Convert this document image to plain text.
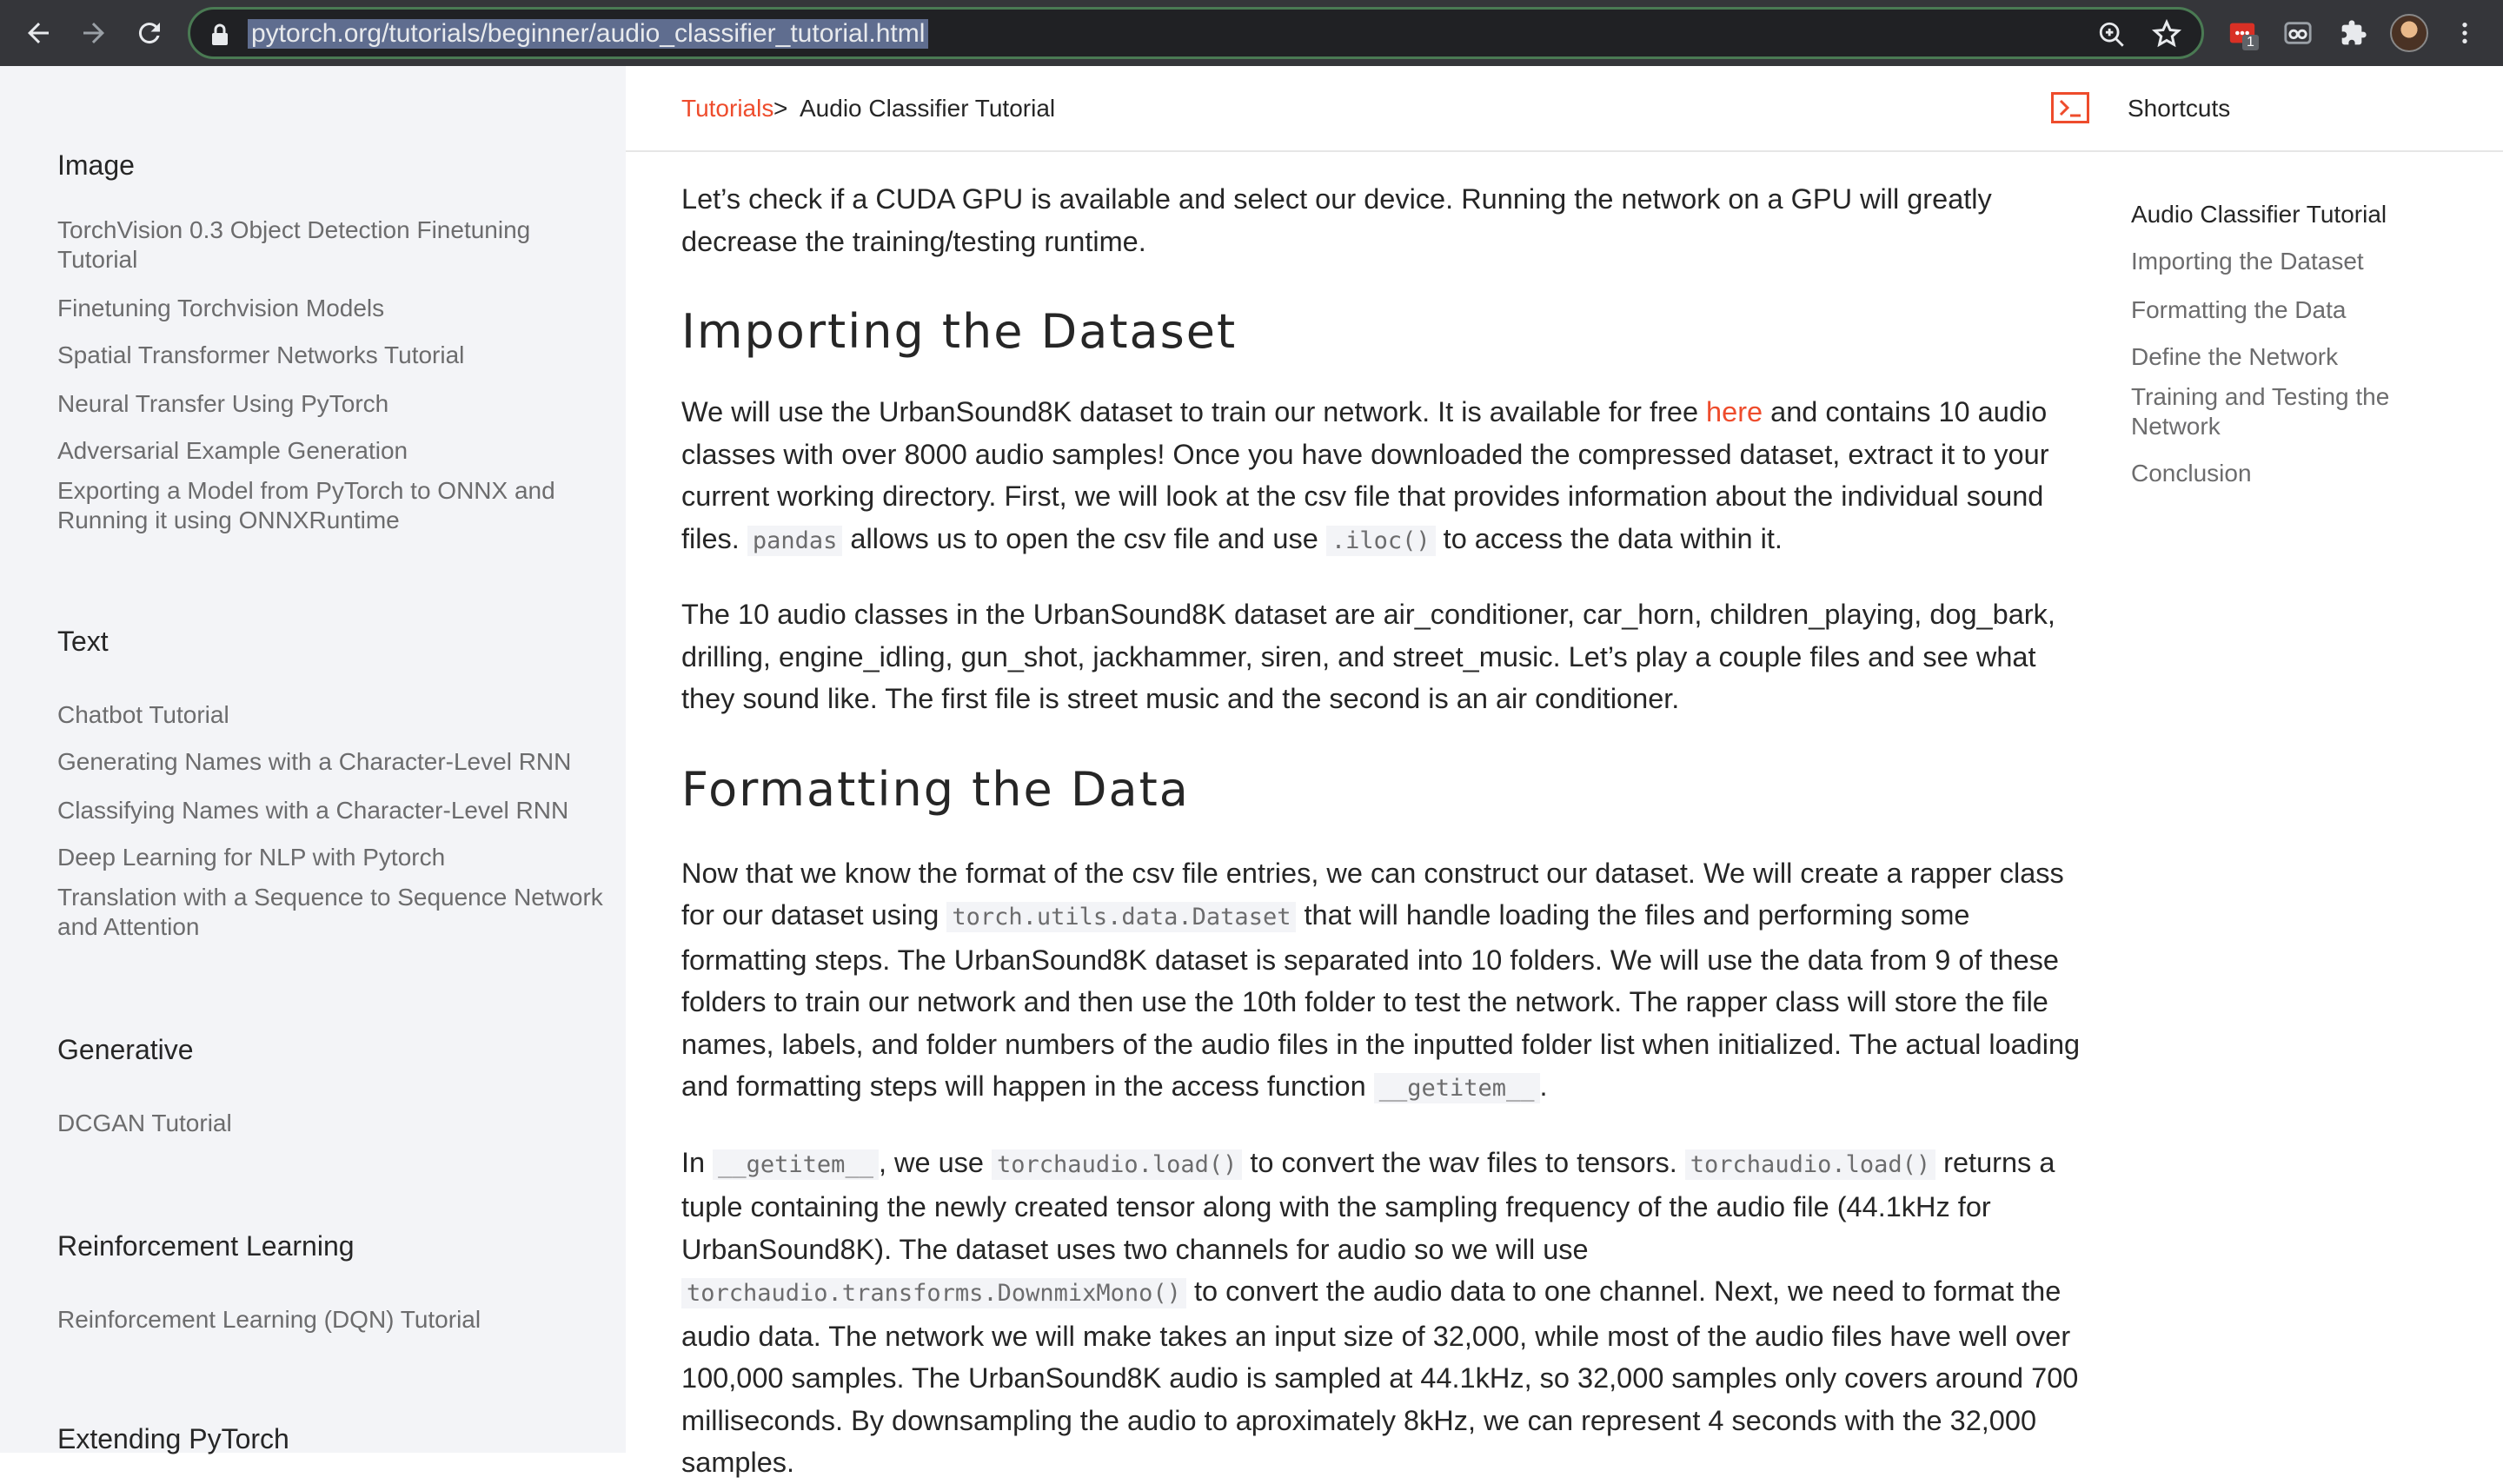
pytorch.org/tutorials/beginner/audio_classifier_tutorial.html	1
Image
TorchVision 0.3 Object Detection Finetuning Tutorial
Finetuning Torchvision Models
Spatial Transformer Networks Tutorial
Neural Transfer Using PyTorch
Adversarial Example Generation
Exporting a Model from PyTorch to ONNX and Running it using ONNXRuntime
Text
Chatbot Tutorial
Generating Names with a Character-Level RNN
Classifying Names with a Character-Level RNN
Deep Learning for NLP with Pytorch
Translation with a Sequence to Sequence Network and Attention
Generative
DCGAN Tutorial
Reinforcement Learning
Reinforcement Learning (DQN) Tutorial
Extending PyTorch
Tutorials > Audio Classifier Tutorial	Shortcuts

Let’s check if a CUDA GPU is available and select our device. Running the network on a GPU will greatly decrease the training/testing runtime.

Importing the Dataset

We will use the UrbanSound8K dataset to train our network. It is available for free here and contains 10 audio classes with over 8000 audio samples! Once you have downloaded the compressed dataset, extract it to your current working directory. First, we will look at the csv file that provides information about the individual sound files. pandas allows us to open the csv file and use .iloc() to access the data within it.

The 10 audio classes in the UrbanSound8K dataset are air_conditioner, car_horn, children_playing, dog_bark, drilling, engine_idling, gun_shot, jackhammer, siren, and street_music. Let’s play a couple files and see what they sound like. The first file is street music and the second is an air conditioner.

Formatting the Data

Now that we know the format of the csv file entries, we can construct our dataset. We will create a rapper class for our dataset using torch.utils.data.Dataset that will handle loading the files and performing some formatting steps. The UrbanSound8K dataset is separated into 10 folders. We will use the data from 9 of these folders to train our network and then use the 10th folder to test the network. The rapper class will store the file names, labels, and folder numbers of the audio files in the inputted folder list when initialized. The actual loading and formatting steps will happen in the access function __getitem__ .

In __getitem__ , we use torchaudio.load() to convert the wav files to tensors. torchaudio.load() returns a tuple containing the newly created tensor along with the sampling frequency of the audio file (44.1kHz for UrbanSound8K). The dataset uses two channels for audio so we will use torchaudio.transforms.DownmixMono() to convert the audio data to one channel. Next, we need to format the audio data. The network we will make takes an input size of 32,000, while most of the audio files have well over 100,000 samples. The UrbanSound8K audio is sampled at 44.1kHz, so 32,000 samples only covers around 700 milliseconds. By downsampling the audio to aproximately 8kHz, we can represent 4 seconds with the 32,000 samples.

Audio Classifier Tutorial
Importing the Dataset
Formatting the Data
Define the Network
Training and Testing the Network
Conclusion
